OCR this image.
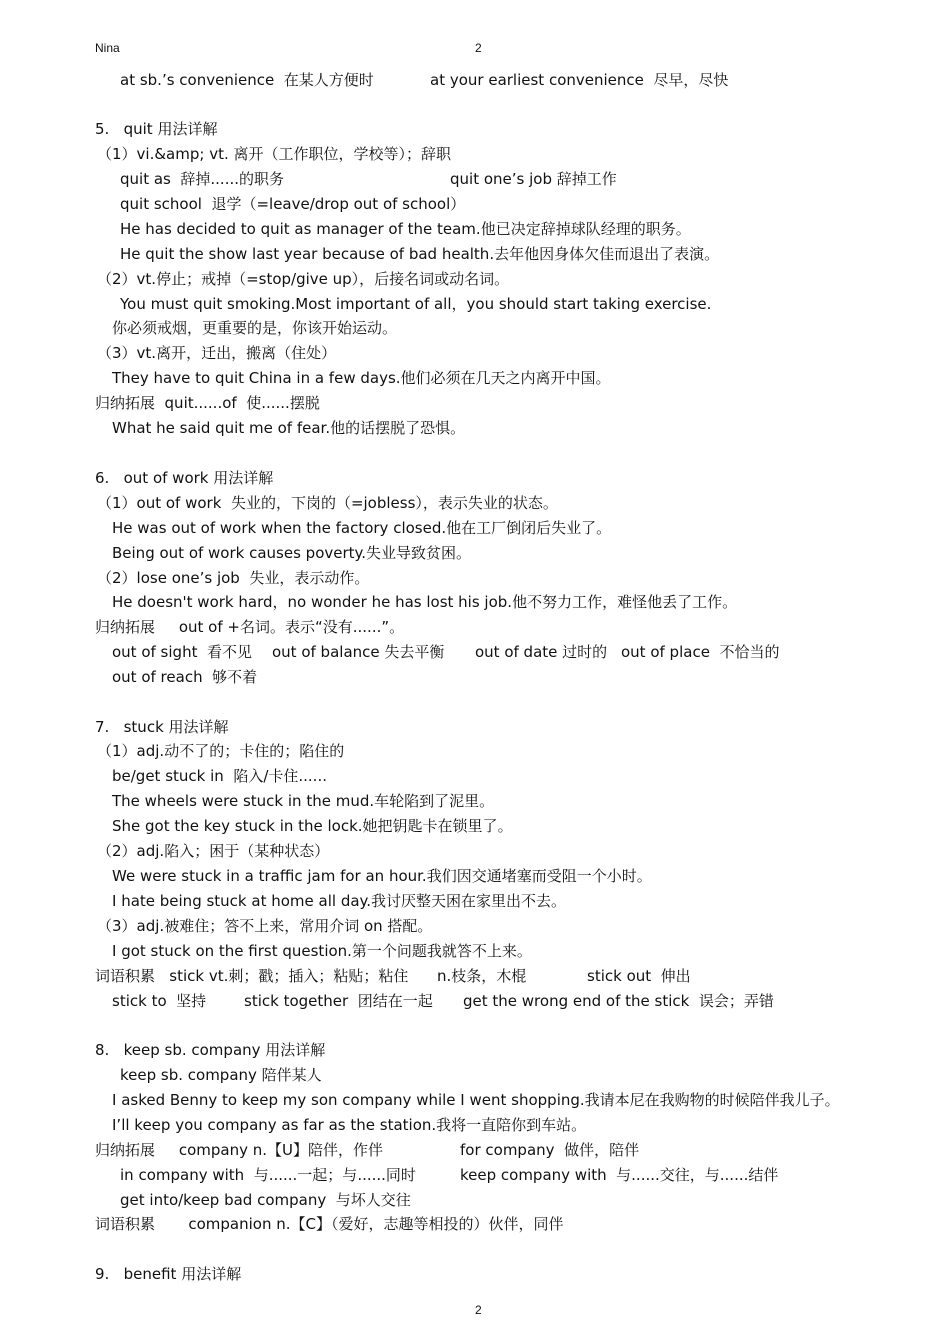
Nina	2
at sb.’s convenience  在某人方便时	at your earliest convenience  尽早，尽快
5.   quit 用法详解
（1）vi.&amp; vt. 离开（工作职位，学校等）；辞职
quit as  辞掉......的职务	quit one’s job 辞掉工作
quit school  退学（=leave/drop out of school）
He has decided to quit as manager of the team.他已决定辞掉球队经理的职务。
He quit the show last year because of bad health.去年他因身体欠佳而退出了表演。
（2）vt.停止；戒掉（=stop/give up），后接名词或动名词。
You must quit smoking.Most important of all，you should start taking exercise.
你必须戒烟，更重要的是，你该开始运动。
（3）vt.离开，迁出，搬离（住处）
They have to quit China in a few days.他们必须在几天之内离开中国。
归纳拓展  quit......of  使......摆脱
What he said quit me of fear.他的话摆脱了恐惧。
6.   out of work 用法详解
（1）out of work  失业的，下岗的（=jobless），表示失业的状态。
He was out of work when the factory closed.他在工厂倒闭后失业了。
Being out of work causes poverty.失业导致贫困。
（2）lose one’s job  失业，表示动作。
He doesn't work hard，no wonder he has lost his job.他不努力工作，难怪他丢了工作。
归纳拓展     out of +名词。表示“没有......”。
out of sight  看不见 out of balance 失去平衡 out of date 过时的 out of place  不恰当的
out of reach  够不着
7.   stuck 用法详解
（1）adj.动不了的；卡住的；陷住的
be/get stuck in  陷入/卡住......
The wheels were stuck in the mud.车轮陷到了泥里。
She got the key stuck in the lock.她把钥匙卡在锁里了。
（2）adj.陷入；困于（某种状态）
We were stuck in a traffic jam for an hour.我们因交通堵塞而受阻一个小时。
I hate being stuck at home all day.我讨厌整天困在家里出不去。
（3）adj.被难住；答不上来，常用介词 on 搭配。
I got stuck on the first question.第一个问题我就答不上来。
词语积累   stick vt.刺；戳；插入；粘贴；粘住      n.枝条，木棍	stick out  伸出
stick to  坚持	stick together  团结在一起 get the wrong end of the stick  误会；弄错
8.   keep sb. company 用法详解
keep sb. company 陪伴某人
I asked Benny to keep my son company while I went shopping.我请本尼在我购物的时候陪伴我儿子。
I’ll keep you company as far as the station.我将一直陪你到车站。
归纳拓展     company n.【U】陪伴，作伴	for company  做伴，陪伴
in company with  与......一起；与......同时	keep company with  与......交往，与......结伴
get into/keep bad company  与坏人交往
词语积累       companion n.【C】（爱好，志趣等相投的）伙伴，同伴
9.   benefit 用法详解
2
